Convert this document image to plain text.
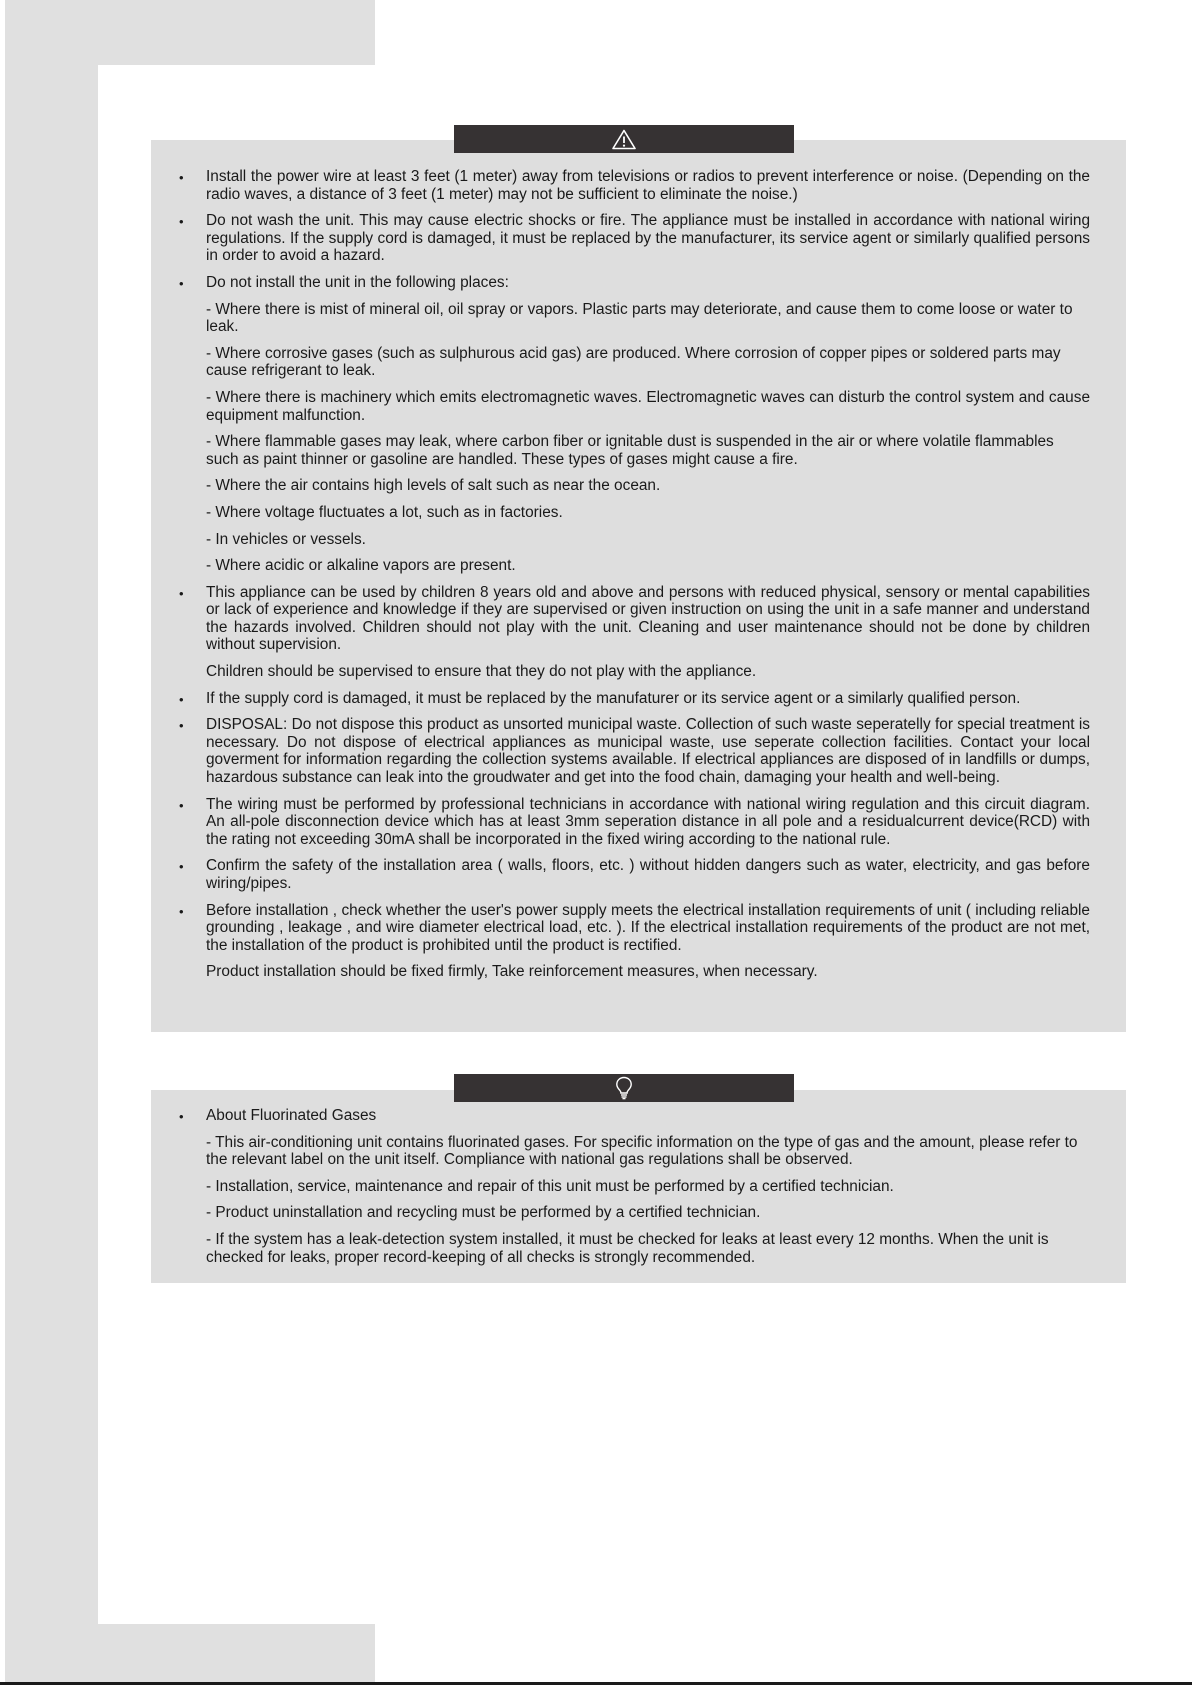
• Install the power wire at least 3 feet (1 meter) away from televisions or radios to prevent interference or noise. (Depending on the radio waves, a distance of 3 feet (1 meter) may not be sufficient to eliminate the noise.)
• Do not wash the unit. This may cause electric shocks or fire. The appliance must be installed in accordance with national wiring regulations. If the supply cord is damaged, it must be replaced by the manufacturer, its service agent or similarly qualified persons in order to avoid a hazard.
• Do not install the unit in the following places:
- Where there is mist of mineral oil, oil spray or vapors. Plastic parts may deteriorate, and cause them to come loose or water to leak.
- Where corrosive gases (such as sulphurous acid gas) are produced. Where corrosion of copper pipes or soldered parts may cause refrigerant to leak.
- Where there is machinery which emits electromagnetic waves. Electromagnetic waves can disturb the control system and cause equipment malfunction.
- Where flammable gases may leak, where carbon fiber or ignitable dust is suspended in the air or where volatile flammables such as paint thinner or gasoline are handled. These types of gases might cause a fire.
- Where the air contains high levels of salt such as near the ocean.
- Where voltage fluctuates a lot, such as in factories.
- In vehicles or vessels.
- Where acidic or alkaline vapors are present.
• This appliance can be used by children 8 years old and above and persons with reduced physical, sensory or mental capabilities or lack of experience and knowledge if they are supervised or given instruction on using the unit in a safe manner and understand the hazards involved. Children should not play with the unit. Cleaning and user maintenance should not be done by children without supervision.
Children should be supervised to ensure that they do not play with the appliance.
• If the supply cord is damaged, it must be replaced by the manufaturer or its service agent or a similarly qualified person.
• DISPOSAL: Do not dispose this product as unsorted municipal waste. Collection of such waste seperatelly for special treatment is necessary. Do not dispose of electrical appliances as municipal waste, use seperate collection facilities. Contact your local goverment for information regarding the collection systems available. If electrical appliances are disposed of in landfills or dumps, hazardous substance can leak into the groudwater and get into the food chain, damaging your health and well-being.
• The wiring must be performed by professional technicians in accordance with national wiring regulation and this circuit diagram. An all-pole disconnection device which has at least 3mm seperation distance in all pole and a residualcurrent device(RCD) with the rating not exceeding 30mA shall be incorporated in the fixed wiring according to the national rule.
• Confirm the safety of the installation area ( walls, floors, etc. ) without hidden dangers such as water, electricity, and gas before wiring/pipes.
• Before installation , check whether the user's power supply meets the electrical installation requirements of unit ( including reliable grounding , leakage , and wire diameter electrical load, etc. ). If the electrical installation requirements of the product are not met, the installation of the product is prohibited until the product is rectified.
Product installation should be fixed firmly, Take reinforcement measures, when necessary.
• About Fluorinated Gases
- This air-conditioning unit contains fluorinated gases. For specific information on the type of gas and the amount, please refer to the relevant label on the unit itself. Compliance with national gas regulations shall be observed.
- Installation, service, maintenance and repair of this unit must be performed by a certified technician.
- Product uninstallation and recycling must be performed by a certified technician.
- If the system has a leak-detection system installed, it must be checked for leaks at least every 12 months. When the unit is checked for leaks, proper record-keeping of all checks is strongly recommended.
